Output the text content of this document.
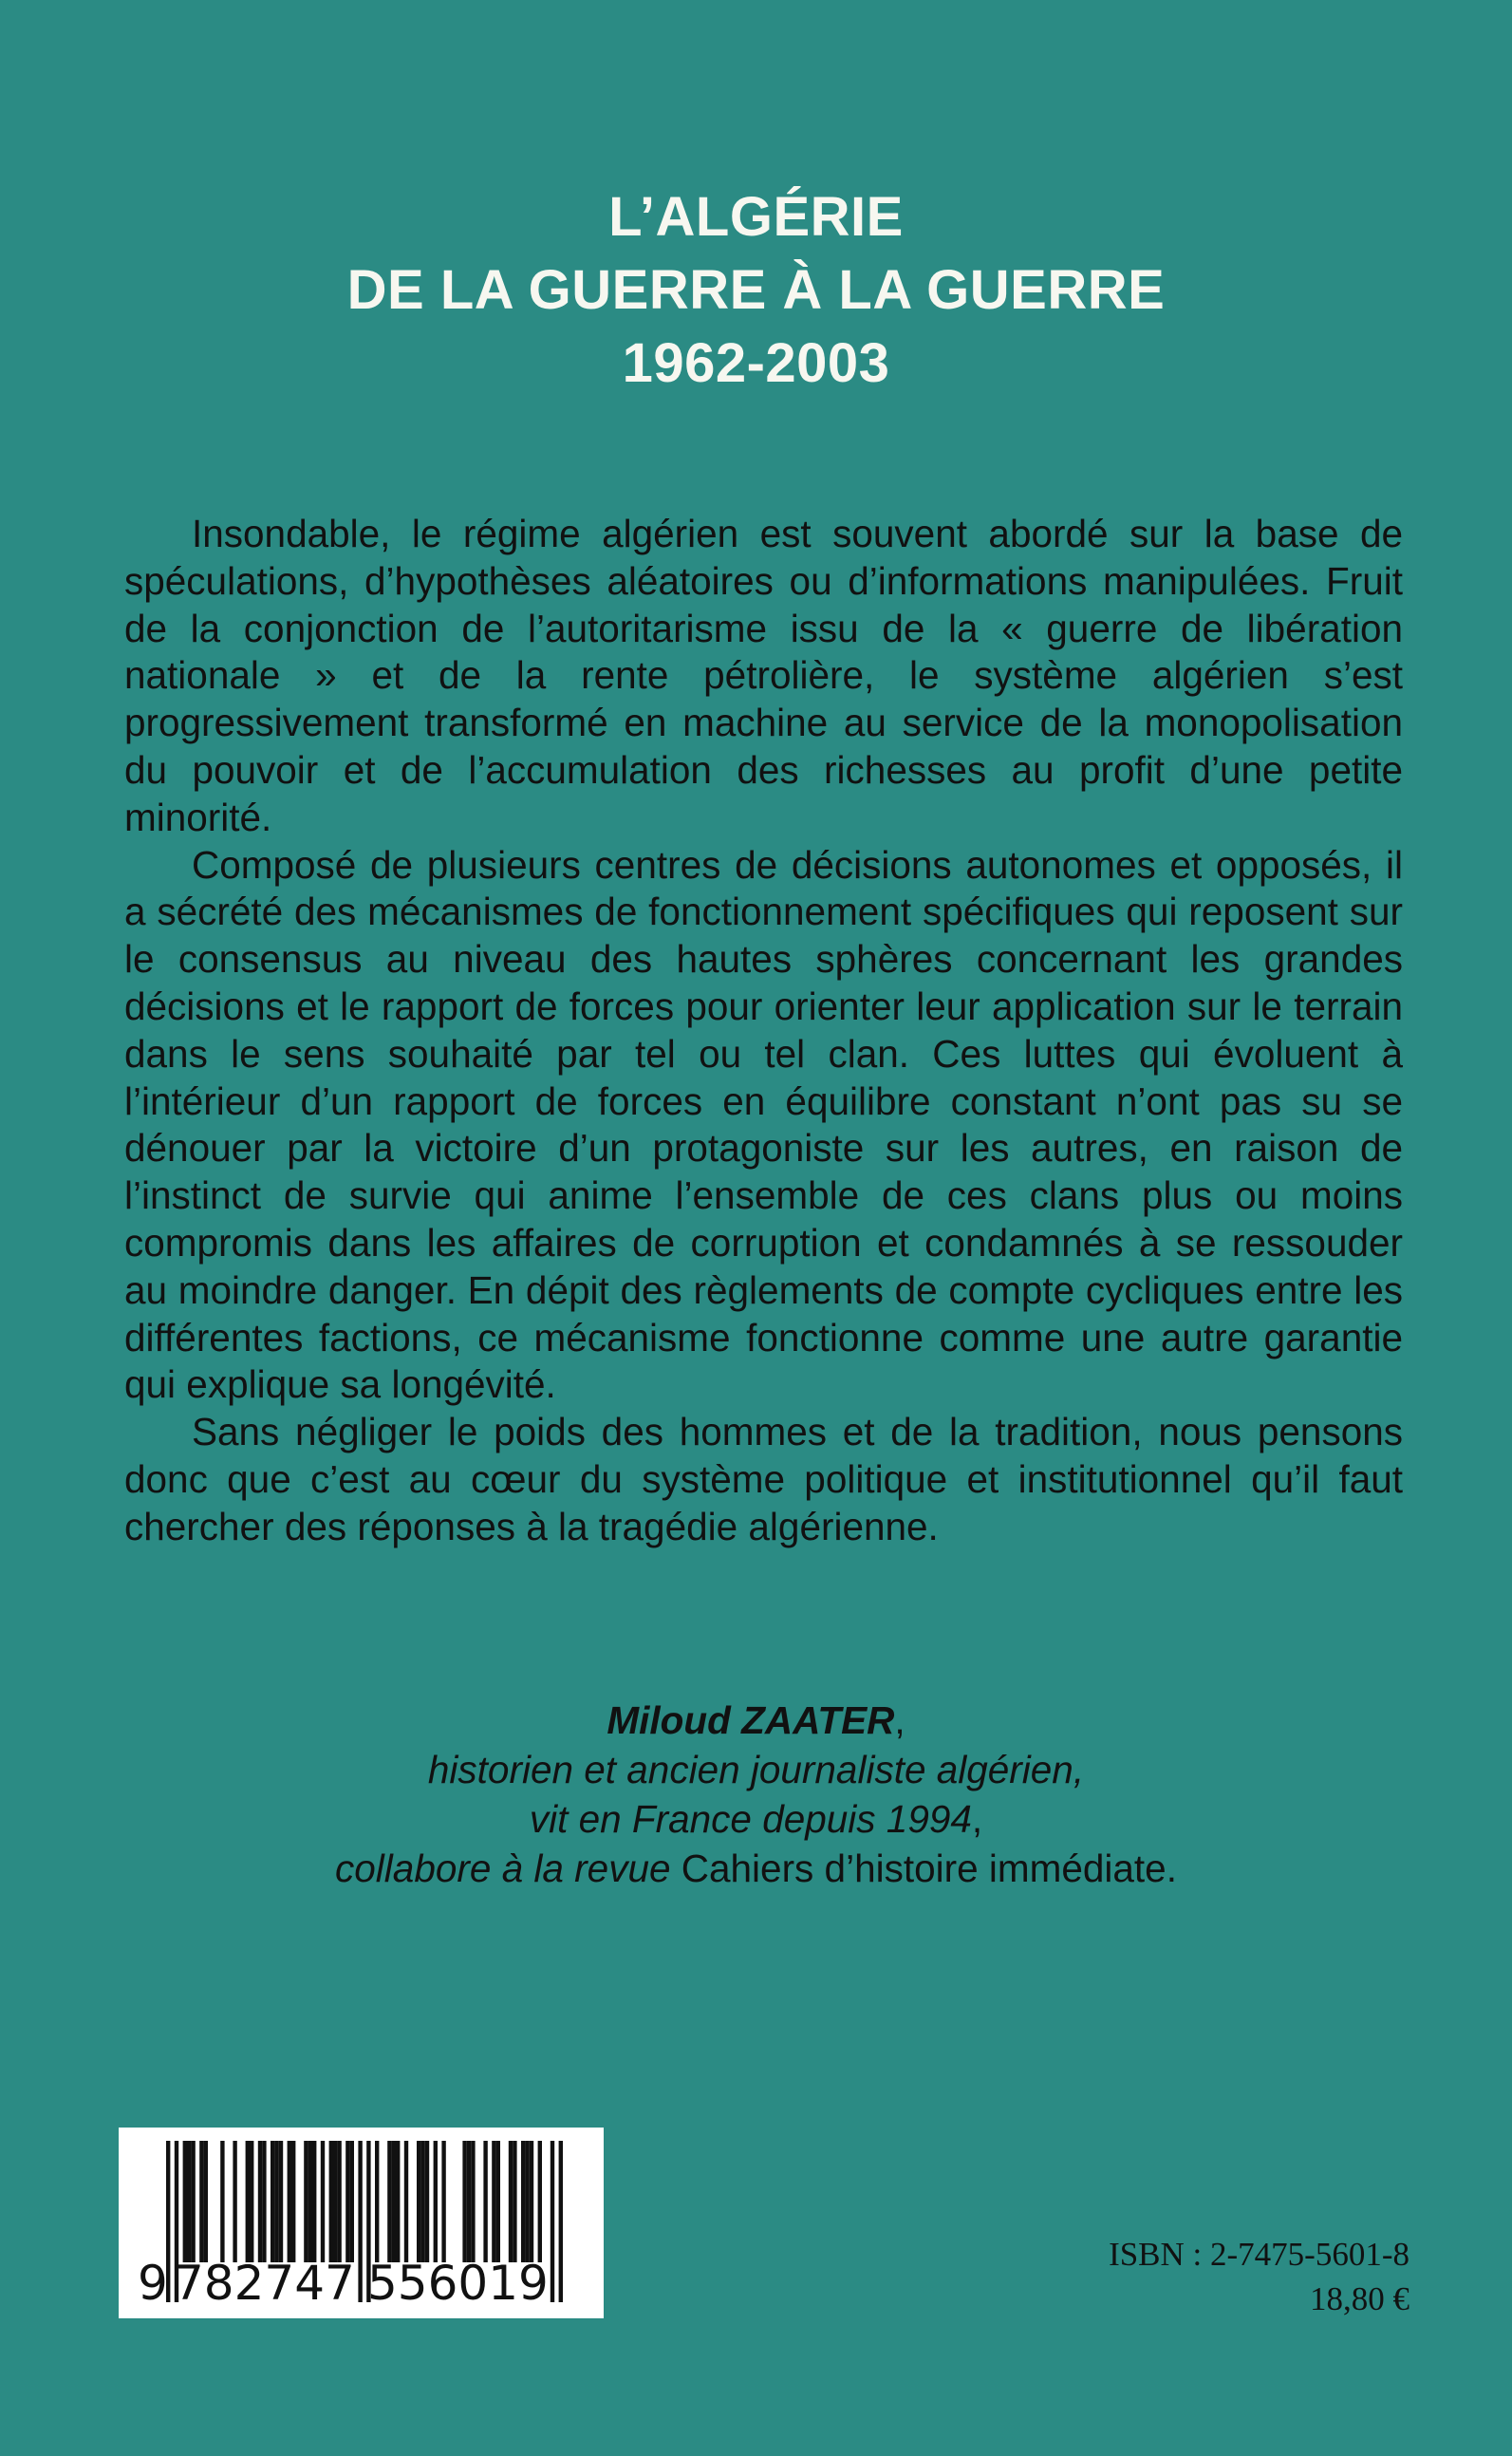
L’ALGÉRIE
DE LA GUERRE À LA GUERRE
1962-2003

Insondable, le régime algérien est souvent abordé sur la base de spéculations, d’hypothèses aléatoires ou d’informations manipulées. Fruit de la conjonction de l’autoritarisme issu de la « guerre de libération nationale » et de la rente pétrolière, le système algérien s’est progressivement transformé en machine au service de la monopolisation du pouvoir et de l’accumulation des richesses au profit d’une petite minorité.

Composé de plusieurs centres de décisions autonomes et opposés, il a sécrété des mécanismes de fonctionnement spécifiques qui reposent sur le consensus au niveau des hautes sphères concernant les grandes décisions et le rapport de forces pour orienter leur application sur le terrain dans le sens souhaité par tel ou tel clan. Ces luttes qui évoluent à l’intérieur d’un rapport de forces en équilibre constant n’ont pas su se dénouer par la victoire d’un protagoniste sur les autres, en raison de l’instinct de survie qui anime l’ensemble de ces clans plus ou moins compromis dans les affaires de corruption et condamnés à se ressouder au moindre danger. En dépit des règlements de compte cycliques entre les différentes factions, ce mécanisme fonctionne comme une autre garantie qui explique sa longévité.

Sans négliger le poids des hommes et de la tradition, nous pensons donc que c’est au cœur du système politique et institutionnel qu’il faut chercher des réponses à la tragédie algérienne.

Miloud ZAATER,
historien et ancien journaliste algérien,
vit en France depuis 1994,
collabore à la revue Cahiers d’histoire immédiate.
9 782747 556019
ISBN : 2-7475-5601-8
18,80 €
